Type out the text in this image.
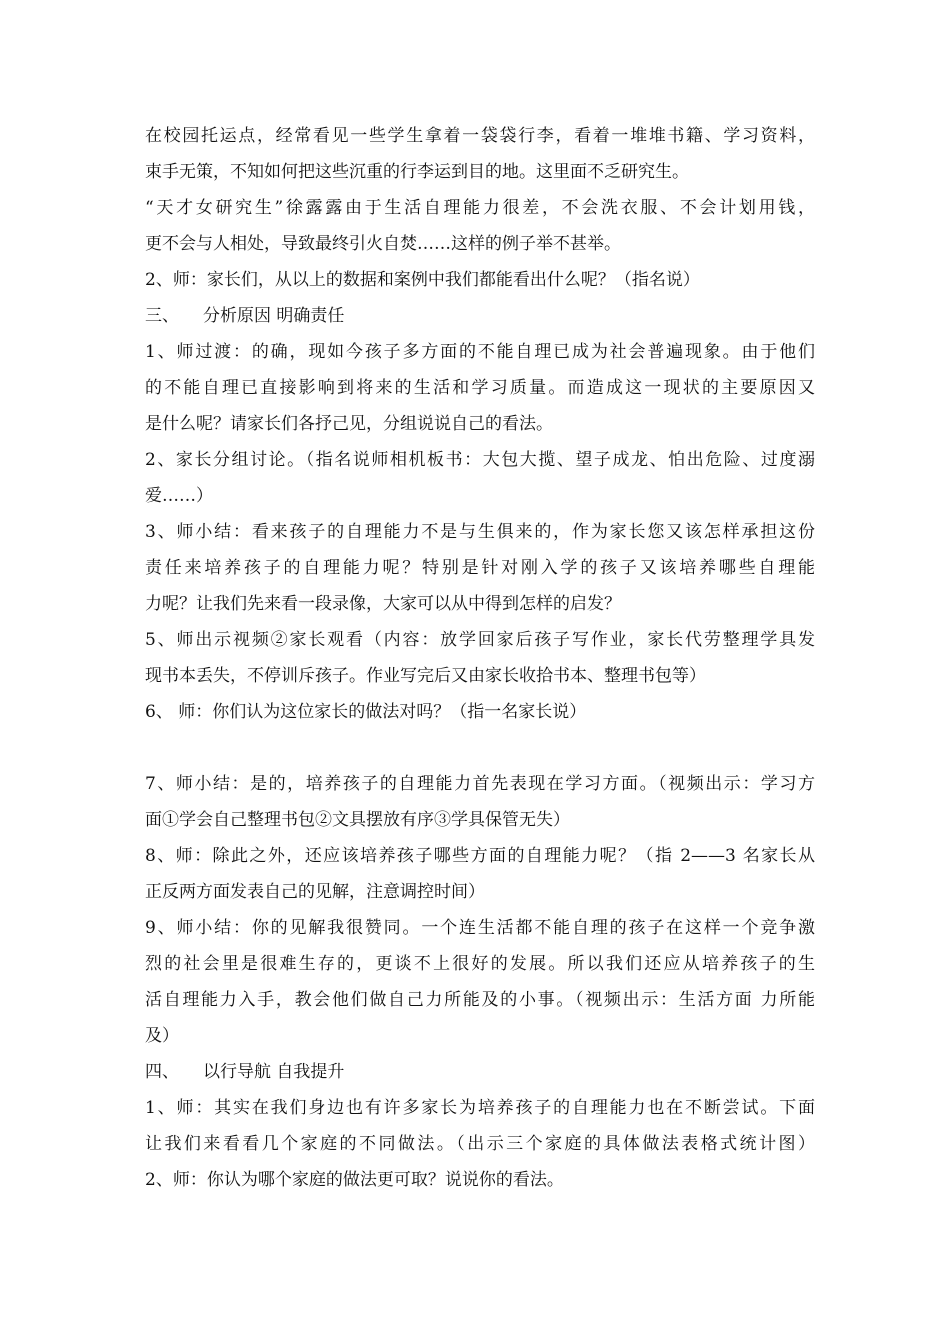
在校园托运点，经常看见一些学生拿着一袋袋行李，看着一堆堆书籍、学习资料，
束手无策，不知如何把这些沉重的行李运到目的地。这里面不乏研究生。
“天才女研究生”徐露露由于生活自理能力很差，不会洗衣服、不会计划用钱，
更不会与人相处，导致最终引火自焚……这样的例子举不甚举。
2、师：家长们，从以上的数据和案例中我们都能看出什么呢？（指名说）
三、 分析原因 明确责任
1、师过渡：的确，现如今孩子多方面的不能自理已成为社会普遍现象。由于他们
的不能自理已直接影响到将来的生活和学习质量。而造成这一现状的主要原因又
是什么呢？请家长们各抒己见，分组说说自己的看法。
2、家长分组讨论。（指名说师相机板书：大包大揽、望子成龙、怕出危险、过度溺
爱……）
3、师小结：看来孩子的自理能力不是与生俱来的，作为家长您又该怎样承担这份
责任来培养孩子的自理能力呢？特别是针对刚入学的孩子又该培养哪些自理能
力呢？让我们先来看一段录像，大家可以从中得到怎样的启发？
5、师出示视频②家长观看（内容：放学回家后孩子写作业，家长代劳整理学具发
现书本丢失，不停训斥孩子。作业写完后又由家长收拾书本、整理书包等）
6、 师：你们认为这位家长的做法对吗？（指一名家长说）
7、师小结：是的，培养孩子的自理能力首先表现在学习方面。（视频出示：学习方
面①学会自己整理书包②文具摆放有序③学具保管无失）
8、师：除此之外，还应该培养孩子哪些方面的自理能力呢？（指 2——3 名家长从
正反两方面发表自己的见解，注意调控时间）
9、师小结：你的见解我很赞同。一个连生活都不能自理的孩子在这样一个竞争激
烈的社会里是很难生存的，更谈不上很好的发展。所以我们还应从培养孩子的生
活自理能力入手，教会他们做自己力所能及的小事。（视频出示：生活方面 力所能
及）
四、 以行导航 自我提升
1、师：其实在我们身边也有许多家长为培养孩子的自理能力也在不断尝试。下面
让我们来看看几个家庭的不同做法。（出示三个家庭的具体做法表格式统计图）
2、师：你认为哪个家庭的做法更可取？说说你的看法。
